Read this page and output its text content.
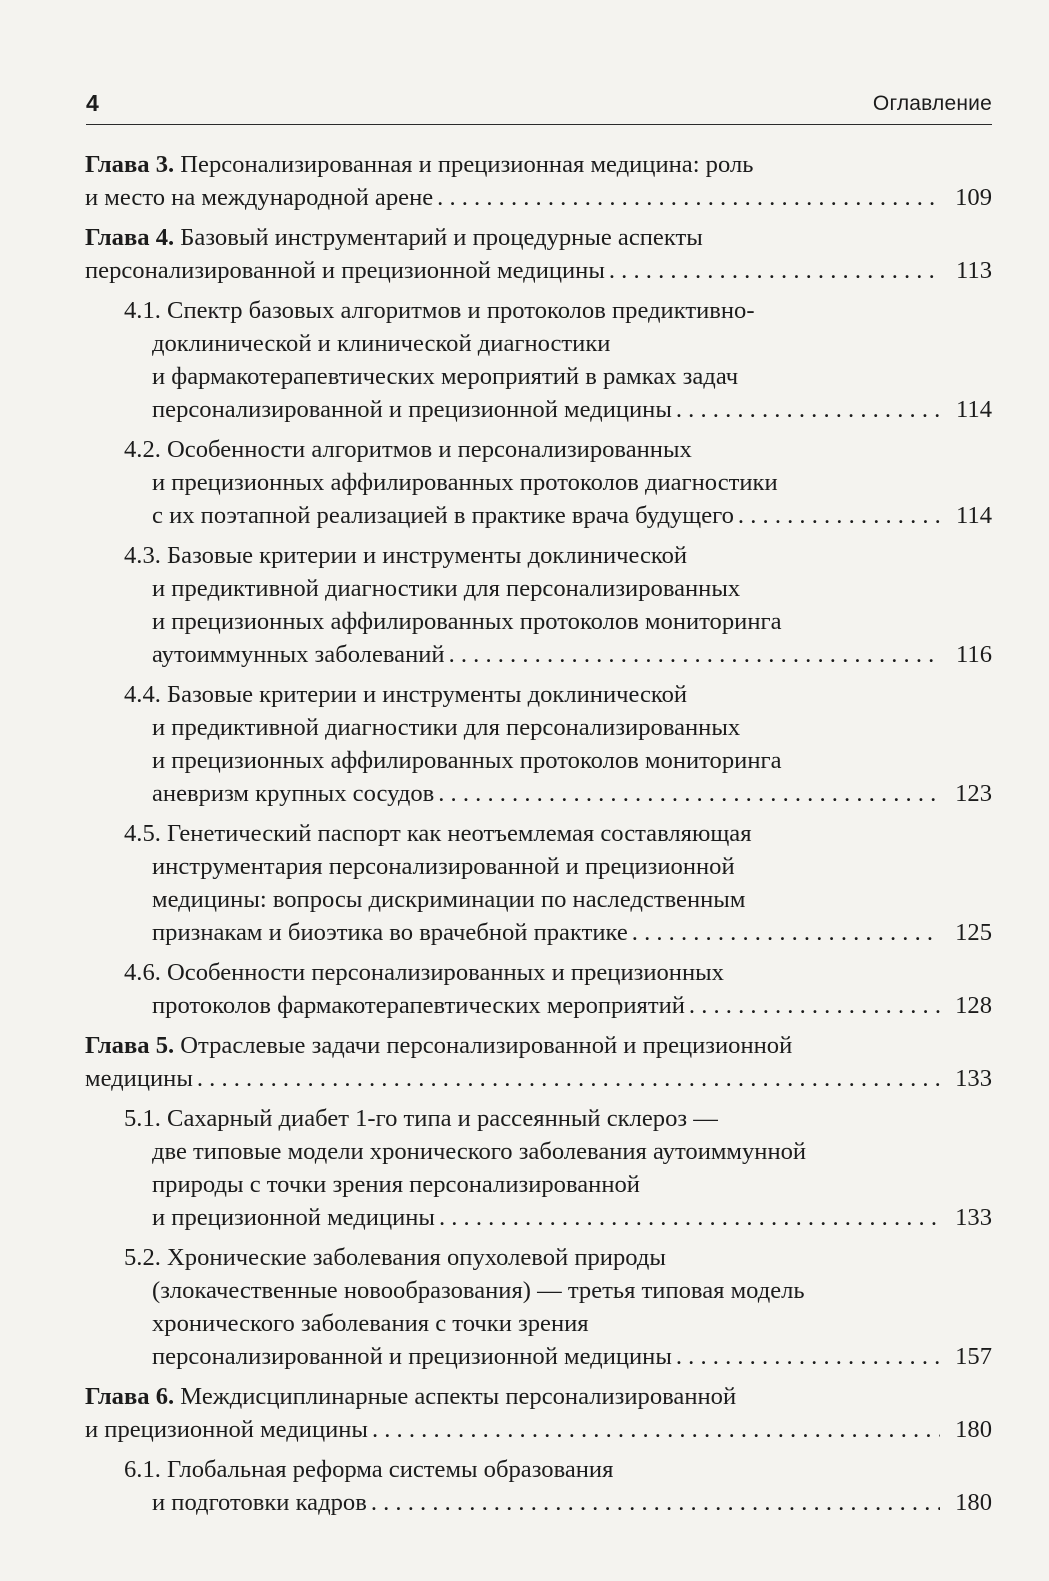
4	Оглавление
Глава 3. Персонализированная и прецизионная медицина: роль
и место на международной арене . . .	109
Глава 4. Базовый инструментарий и процедурные аспекты
персонализированной и прецизионной медицины . . .	113
4.1. Спектр базовых алгоритмов и протоколов предиктивно-
доклинической и клинической диагностики
и фармакотерапевтических мероприятий в рамках задач
персонализированной и прецизионной медицины . . .	114
4.2. Особенности алгоритмов и персонализированных
и прецизионных аффилированных протоколов диагностики
с их поэтапной реализацией в практике врача будущего . . .	114
4.3. Базовые критерии и инструменты доклинической
и предиктивной диагностики для персонализированных
и прецизионных аффилированных протоколов мониторинга
аутоиммунных заболеваний . . .	116
4.4. Базовые критерии и инструменты доклинической
и предиктивной диагностики для персонализированных
и прецизионных аффилированных протоколов мониторинга
аневризм крупных сосудов . . .	123
4.5. Генетический паспорт как неотъемлемая составляющая
инструментария персонализированной и прецизионной
медицины: вопросы дискриминации по наследственным
признакам и биоэтика во врачебной практике . . .	125
4.6. Особенности персонализированных и прецизионных
протоколов фармакотерапевтических мероприятий . . .	128
Глава 5. Отраслевые задачи персонализированной и прецизионной
медицины . . .	133
5.1. Сахарный диабет 1-го типа и рассеянный склероз —
две типовые модели хронического заболевания аутоиммунной
природы с точки зрения персонализированной
и прецизионной медицины . . .	133
5.2. Хронические заболевания опухолевой природы
(злокачественные новообразования) — третья типовая модель
хронического заболевания с точки зрения
персонализированной и прецизионной медицины . . .	157
Глава 6. Междисциплинарные аспекты персонализированной
и прецизионной медицины . . .	180
6.1. Глобальная реформа системы образования
и подготовки кадров . . .	180
